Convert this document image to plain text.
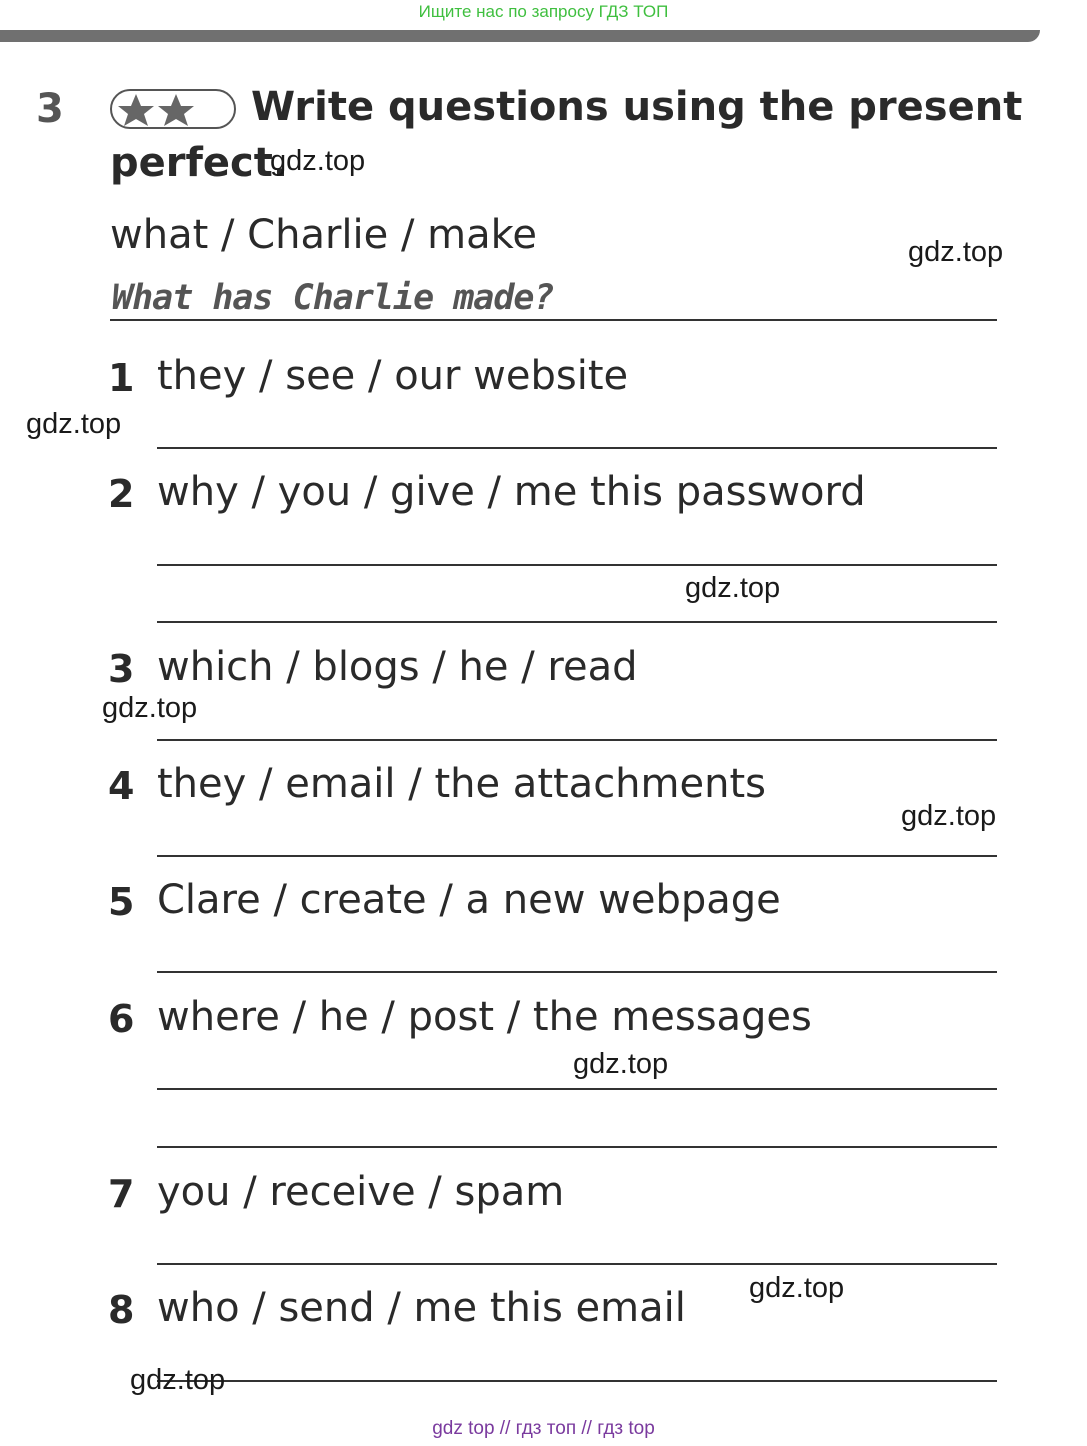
Ищите нас по запросу ГДЗ ТОП
3	Write questions using the present
perfect.
what / Charlie / make
What has Charlie made?
1 they / see / our website
2 why / you / give / me this password
3 which / blogs / he / read
4 they / email / the attachments
5 Clare / create / a new webpage
6 where / he / post / the messages
7 you / receive / spam
8 who / send / me this email
gdz.top
gdz.top
gdz.top
gdz.top
gdz.top
gdz.top
gdz.top
gdz.top
gdz.top
gdz top // гдз топ // гдз top
